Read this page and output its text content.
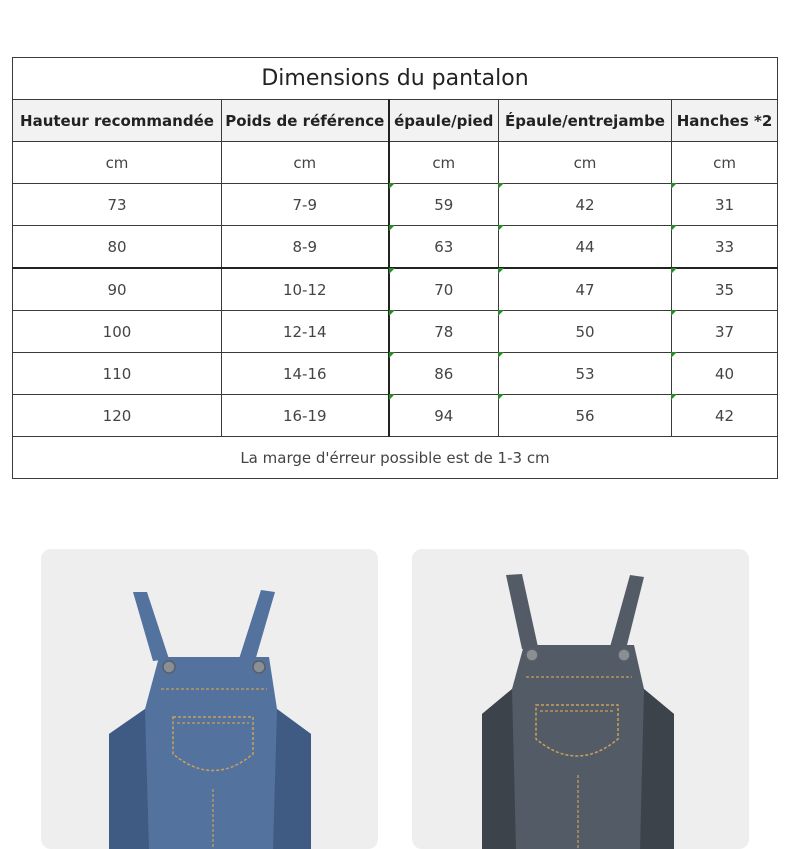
Dimensions du pantalon				
Hauteur recommandée	Poids de référence	épaule/pied	Épaule/entrejambe	Hanches *2
cm	cm	cm	cm	cm
73	7-9	59	42	31
80	8-9	63	44	33
90	10-12	70	47	35
100	12-14	78	50	37
110	14-16	86	53	40
120	16-19	94	56	42
La marge d'érreur possible est de 1-3 cm				
